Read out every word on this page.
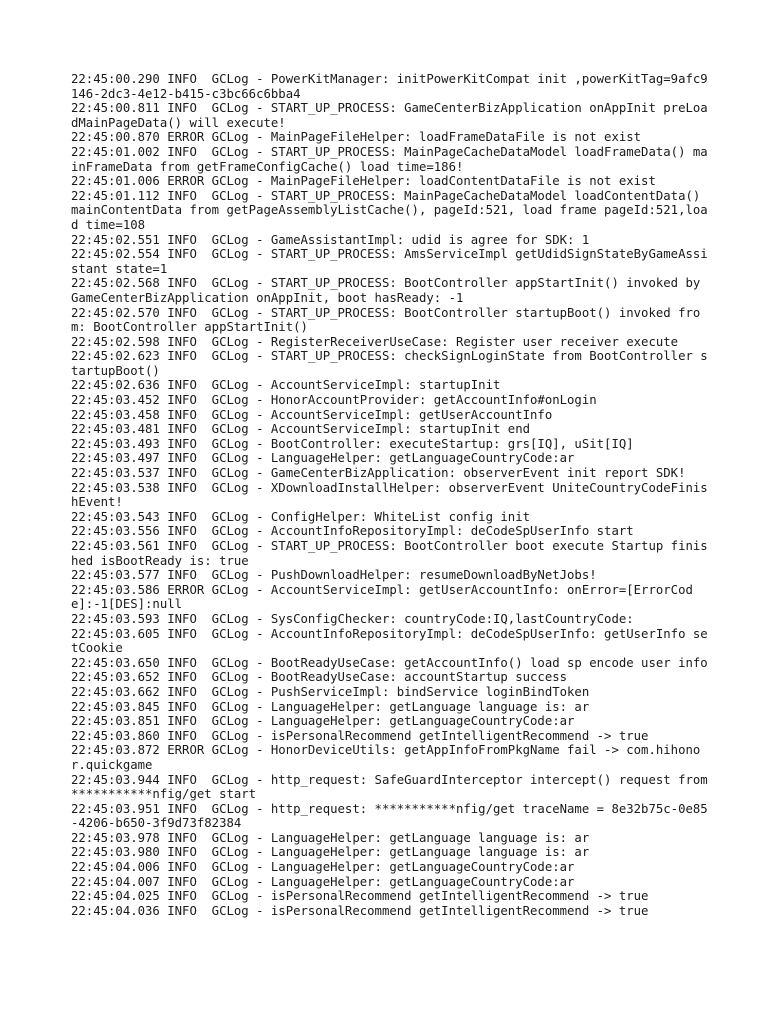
22:45:00.290 INFO  GCLog - PowerKitManager: initPowerKitCompat init ,powerKitTag=9afc9146-2dc3-4e12-b415-c3bc66c6bba4
22:45:00.811 INFO  GCLog - START_UP_PROCESS: GameCenterBizApplication onAppInit preLoadMainPageData() will execute!
22:45:00.870 ERROR GCLog - MainPageFileHelper: loadFrameDataFile is not exist
22:45:01.002 INFO  GCLog - START_UP_PROCESS: MainPageCacheDataModel loadFrameData() mainFrameData from getFrameConfigCache() load time=186!
22:45:01.006 ERROR GCLog - MainPageFileHelper: loadContentDataFile is not exist
22:45:01.112 INFO  GCLog - START_UP_PROCESS: MainPageCacheDataModel loadContentData() mainContentData from getPageAssemblyListCache(), pageId:521, load frame pageId:521,load time=108
22:45:02.551 INFO  GCLog - GameAssistantImpl: udid is agree for SDK: 1
22:45:02.554 INFO  GCLog - START_UP_PROCESS: AmsServiceImpl getUdidSignStateByGameAssistant state=1
22:45:02.568 INFO  GCLog - START_UP_PROCESS: BootController appStartInit() invoked by GameCenterBizApplication onAppInit, boot hasReady: -1
22:45:02.570 INFO  GCLog - START_UP_PROCESS: BootController startupBoot() invoked from: BootController appStartInit()
22:45:02.598 INFO  GCLog - RegisterReceiverUseCase: Register user receiver execute
22:45:02.623 INFO  GCLog - START_UP_PROCESS: checkSignLoginState from BootController startupBoot()
22:45:02.636 INFO  GCLog - AccountServiceImpl: startupInit
22:45:03.452 INFO  GCLog - HonorAccountProvider: getAccountInfo#onLogin
22:45:03.458 INFO  GCLog - AccountServiceImpl: getUserAccountInfo
22:45:03.481 INFO  GCLog - AccountServiceImpl: startupInit end
22:45:03.493 INFO  GCLog - BootController: executeStartup: grs[IQ], uSit[IQ]
22:45:03.497 INFO  GCLog - LanguageHelper: getLanguageCountryCode:ar
22:45:03.537 INFO  GCLog - GameCenterBizApplication: observerEvent init report SDK!
22:45:03.538 INFO  GCLog - XDownloadInstallHelper: observerEvent UniteCountryCodeFinishEvent!
22:45:03.543 INFO  GCLog - ConfigHelper: WhiteList config init
22:45:03.556 INFO  GCLog - AccountInfoRepositoryImpl: deCodeSpUserInfo start
22:45:03.561 INFO  GCLog - START_UP_PROCESS: BootController boot execute Startup finished isBootReady is: true
22:45:03.577 INFO  GCLog - PushDownloadHelper: resumeDownloadByNetJobs!
22:45:03.586 ERROR GCLog - AccountServiceImpl: getUserAccountInfo: onError=[ErrorCode]:-1[DES]:null
22:45:03.593 INFO  GCLog - SysConfigChecker: countryCode:IQ,lastCountryCode:
22:45:03.605 INFO  GCLog - AccountInfoRepositoryImpl: deCodeSpUserInfo: getUserInfo setCookie
22:45:03.650 INFO  GCLog - BootReadyUseCase: getAccountInfo() load sp encode user info
22:45:03.652 INFO  GCLog - BootReadyUseCase: accountStartup success
22:45:03.662 INFO  GCLog - PushServiceImpl: bindService loginBindToken
22:45:03.845 INFO  GCLog - LanguageHelper: getLanguage language is: ar
22:45:03.851 INFO  GCLog - LanguageHelper: getLanguageCountryCode:ar
22:45:03.860 INFO  GCLog - isPersonalRecommend getIntelligentRecommend -> true
22:45:03.872 ERROR GCLog - HonorDeviceUtils: getAppInfoFromPkgName fail -> com.hihonor.quickgame
22:45:03.944 INFO  GCLog - http_request: SafeGuardInterceptor intercept() request from  ***********nfig/get start
22:45:03.951 INFO  GCLog - http_request: ***********nfig/get traceName = 8e32b75c-0e85-4206-b650-3f9d73f82384
22:45:03.978 INFO  GCLog - LanguageHelper: getLanguage language is: ar
22:45:03.980 INFO  GCLog - LanguageHelper: getLanguage language is: ar
22:45:04.006 INFO  GCLog - LanguageHelper: getLanguageCountryCode:ar
22:45:04.007 INFO  GCLog - LanguageHelper: getLanguageCountryCode:ar
22:45:04.025 INFO  GCLog - isPersonalRecommend getIntelligentRecommend -> true
22:45:04.036 INFO  GCLog - isPersonalRecommend getIntelligentRecommend -> true
